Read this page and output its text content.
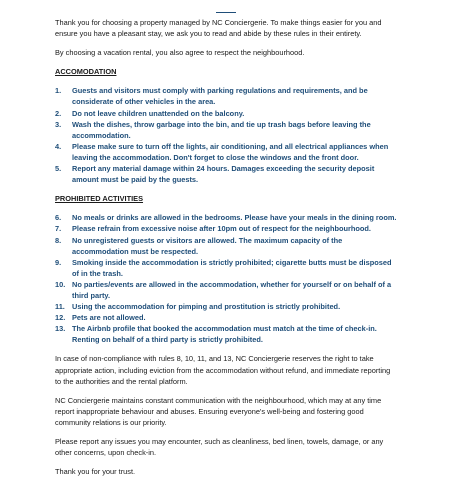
Thank you for choosing a property managed by NC Conciergerie. To make things easier for you and ensure you have a pleasant stay, we ask you to read and abide by these rules in their entirety.

By choosing a vacation rental, you also agree to respect the neighbourhood.

ACCOMODATION

1. Guests and visitors must comply with parking regulations and requirements, and be considerate of other vehicles in the area.
2. Do not leave children unattended on the balcony.
3. Wash the dishes, throw garbage into the bin, and tie up trash bags before leaving the accommodation.
4. Please make sure to turn off the lights, air conditioning, and all electrical appliances when leaving the accommodation. Don't forget to close the windows and the front door.
5. Report any material damage within 24 hours. Damages exceeding the security deposit amount must be paid by the guests.

PROHIBITED ACTIVITIES

6. No meals or drinks are allowed in the bedrooms. Please have your meals in the dining room.
7. Please refrain from excessive noise after 10pm out of respect for the neighbourhood.
8. No unregistered guests or visitors are allowed. The maximum capacity of the accommodation must be respected.
9. Smoking inside the accommodation is strictly prohibited; cigarette butts must be disposed of in the trash.
10. No parties/events are allowed in the accommodation, whether for yourself or on behalf of a third party.
11. Using the accommodation for pimping and prostitution is strictly prohibited.
12. Pets are not allowed.
13. The Airbnb profile that booked the accommodation must match at the time of check-in. Renting on behalf of a third party is strictly prohibited.

In case of non-compliance with rules 8, 10, 11, and 13, NC Conciergerie reserves the right to take appropriate action, including eviction from the accommodation without refund, and immediate reporting to the authorities and the rental platform.

NC Conciergerie maintains constant communication with the neighbourhood, which may at any time report inappropriate behaviour and abuses. Ensuring everyone's well-being and fostering good community relations is our priority.

Please report any issues you may encounter, such as cleanliness, bed linen, towels, damage, or any other concerns, upon check-in.

Thank you for your trust.
